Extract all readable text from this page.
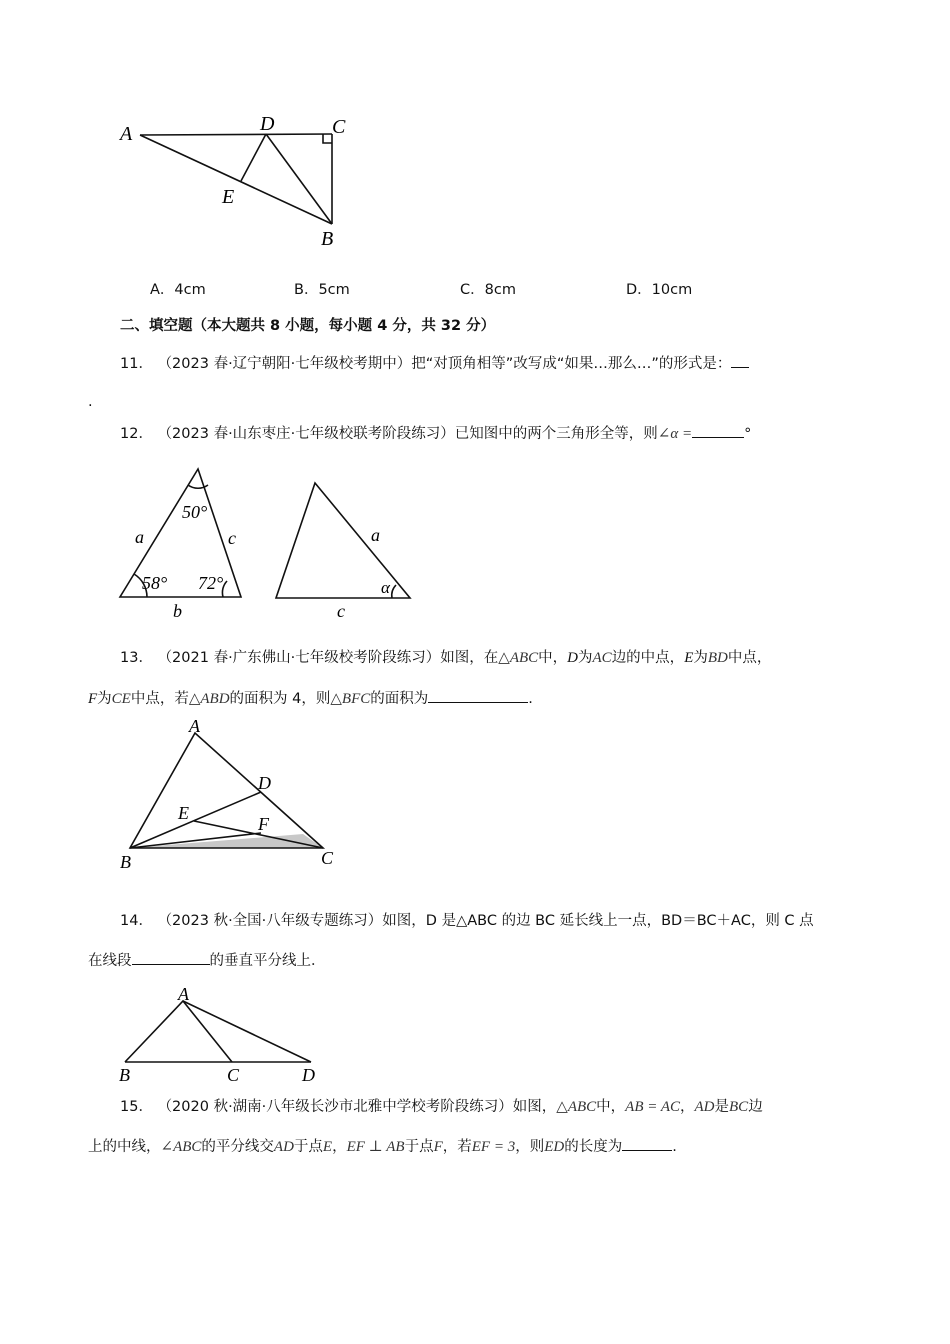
A	D	C
E
B
A．4cm	B．5cm	C．8cm	D．10cm
二、填空题（本大题共 8 小题，每小题 4 分，共 32 分）
11． （2023 春·辽宁朝阳·七年级校考期中）把“对顶角相等”改写成“如果…那么…”的形式是：
.
12． （2023 春·山东枣庄·七年级校联考阶段练习）已知图中的两个三角形全等，则∠α =	°
50°
a	c
58° 72°
b
a
α
c
13． （2021 春·广东佛山·七年级校考阶段练习）如图，在△ABC中，D为AC边的中点，E为BD中点，
F为CE中点，若△ABD的面积为 4，则△BFC的面积为	.
A
D
E
F
B	C
14． （2023 秋·全国·八年级专题练习）如图，D 是△ABC 的边 BC 延长线上一点，BD＝BC＋AC，则 C 点
在线段	的垂直平分线上．
A
B	C	D
15． （2020 秋·湖南·八年级长沙市北雅中学校考阶段练习）如图，△ABC中，AB = AC，AD是BC边
上的中线，∠ABC的平分线交AD于点E，EF ⊥ AB于点F，若EF = 3，则ED的长度为	.
